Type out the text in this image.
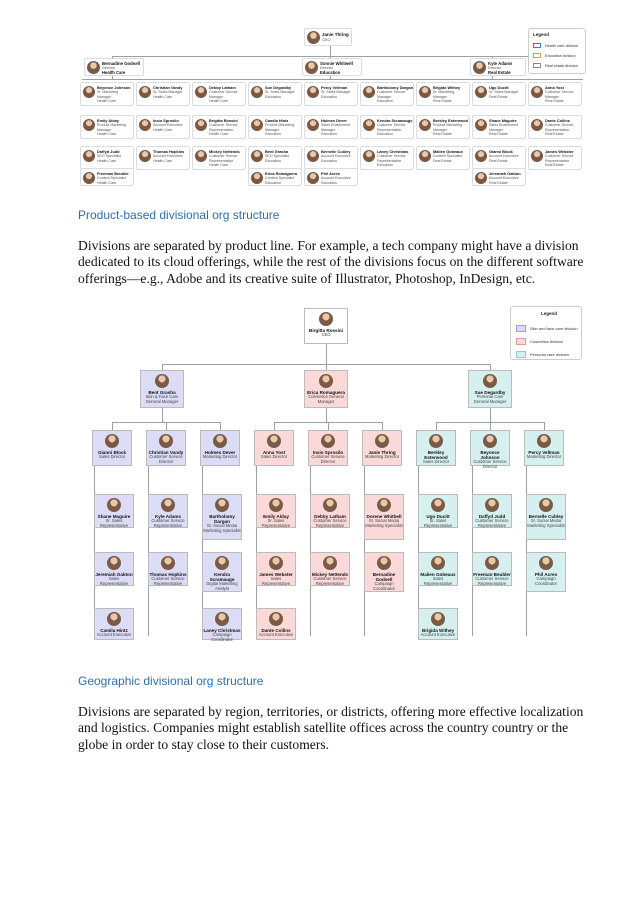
Janie Thring
CEO
Bernadine Godsell
Director
Health Care
Sonnie Whitwell
Director
Education
Kyle Adams
Director
Real Estate
Legend
Health care division
Education division
Real estate division
Beyonce Johnson
Sr. Marketing
Manager
Health Care
Christian Vandy
Sr. Sales Manager
Health Care
Debby Latham
Customer Service
Manager
Health Care
Sue Degardby
Sr. Sales Manager
Education
Percy Vellman
Sr. Sales Manager
Education
Bartholomy Dargan
Customer Service
Manager
Education
Brigida Withey
Sr. Marketing
Manager
Real Estate
Ugo Ducitt
Sr. Sales Manager
Real Estate
Anna Yost
Customer Service
Manager
Real Estate
Emily Alday
Product Marketing
Manager
Health Care
Insio Sprosilo
Account Executive
Health Care
Brigitta Rossini
Customer Service
Representative
Health Care
Camila Hintz
Product Marketing
Manager
Education
Holmes Dever
Sales Enablement
Manager
Education
Kendra Scramauge
Customer Service
Representative
Education
Berkley Esterwood
Product Marketing
Manager
Real Estate
Shane Maguire
Sales Enablement
Manager
Real Estate
Dante Collins
Customer Service
Representative
Real Estate
Daffyd Judd
SEO Specialist
Health Care
Thomas Hopkins
Account Executive
Health Care
Mickey Nettends
Customer Service
Representative
Health Care
Bent Grasha
SEO Specialist
Education
Bernelle Cubley
Account Executive
Education
Laney Christmas
Customer Service
Representative
Education
Malien Gobeaux
Content Specialist
Real Estate
Gianni Block
Account Executive
Real Estate
James Webster
Customer Service
Representative
Real Estate
Freeman Beubler
Content Specialist
Health Care
Erica Romaguera
Content Specialist
Education
Phil Acres
Account Executive
Education
Jeremiah Oakton
Account Executive
Real Estate
Product-based divisional org structure
Divisions are separated by product line. For example, a tech company might have a division dedicated to its cloud offerings, while the rest of the divisions focus on the different software offerings—e.g., Adobe and its creative suite of Illustrator, Photoshop, InDesign, etc.
Birgitta Rossini
CEO
Legend
Skin and face care division
Cosmetics division
Personal care division
Bent Grasha
Skin & Face Care General Manager
Erica Romaguera
Cosmetics General Manager
Sue Degardby
Personal Care General Manager
Gianni Block
Sales Director
Christian Vandy
Customer Service Director
Holmes Dever
Marketing Director
Anna Yost
Sales Director
Insio Sprosilo
Customer Service Director
Janie Thring
Marketing Director
Berkley Esterwood
Sales Director
Beyonce Johnson
Customer Service Director
Percy Vellman
Marketing Director
Shane Maguire
Sr. Sales Representative
Kyle Adams
Customer Service Representative
Bartholomy Dargan
Sr. Social Media Marketing Specialist
Emily Alday
Sr. Sales Representative
Debby Latham
Customer Service Representative
Dorene Whitbell
Sr. Social Media Marketing Specialist
Ugo Ducitt
Sr. Sales Representative
Daffyd Judd
Customer Service Representative
Bernelle Cubley
Sr. Social Media Marketing Specialist
Jeremiah Oakton
Sales Representative
Thomas Hopkins
Customer Service Representative
Kendra Scramauge
Digital Marketing Analyst
James Webster
Sales Representative
Mickey Nettends
Customer Service Representative
Bernadine Godsell
Campaign Coordinator
Malien Gobeaux
Sales Representative
Freeman Beubler
Customer Service Representative
Phil Acres
Campaign Coordinator
Camila Hintz
Account Executive
Laney Christmas
Campaign Coordinator
Dante Collins
Account Executive
Brigida Withey
Account Executive
Geographic divisional org structure
Divisions are separated by region, territories, or districts, offering more effective localization and logistics. Companies might establish satellite offices across the country country or the globe in order to stay close to their customers.
